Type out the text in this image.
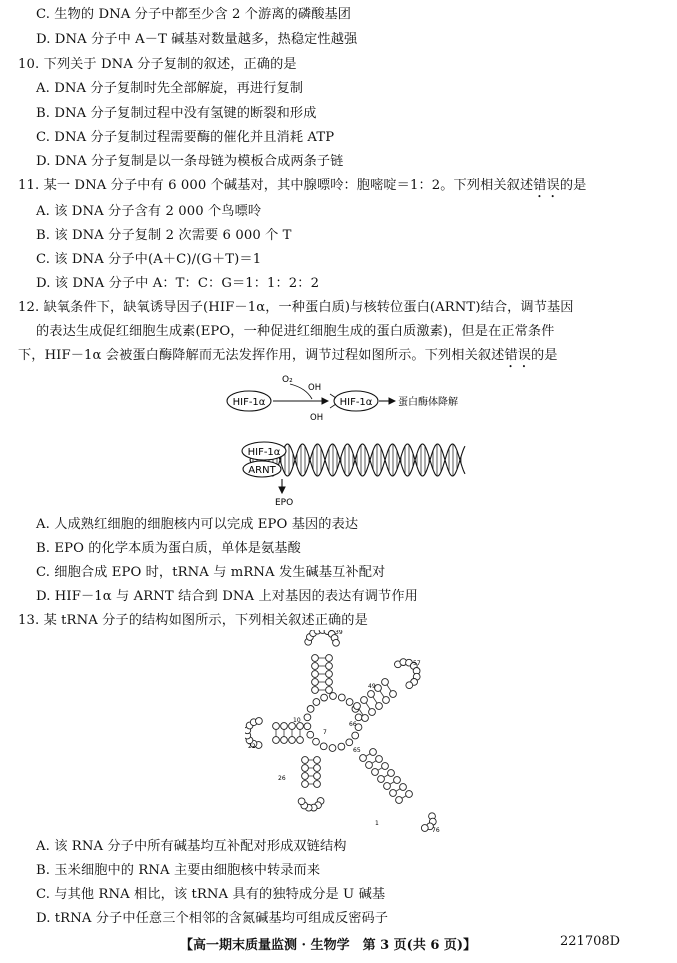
C. 生物的 DNA 分子中都至少含 2 个游离的磷酸基团
D. DNA 分子中 A－T 碱基对数量越多，热稳定性越强
10. 下列关于 DNA 分子复制的叙述，正确的是
A. DNA 分子复制时先全部解旋，再进行复制
B. DNA 分子复制过程中没有氢键的断裂和形成
C. DNA 分子复制过程需要酶的催化并且消耗 ATP
D. DNA 分子复制是以一条母链为模板合成两条子链
11. 某一 DNA 分子中有 6 000 个碱基对，其中腺嘌呤：胞嘧啶＝1：2。下列相关叙述错误的是
A. 该 DNA 分子含有 2 000 个鸟嘌呤
B. 该 DNA 分子复制 2 次需要 6 000 个 T
C. 该 DNA 分子中(A＋C)/(G＋T)＝1
D. 该 DNA 分子中 A：T：C：G＝1：1：2：2
12. 缺氧条件下，缺氧诱导因子(HIF－1α，一种蛋白质)与核转位蛋白(ARNT)结合，调节基因
的表达生成促红细胞生成素(EPO，一种促进红细胞生成的蛋白质激素)，但是在正常条件
下，HIF－1α 会被蛋白酶降解而无法发挥作用，调节过程如图所示。下列相关叙述错误的是
HIF-1α
O₂
OH
OH
HIF-1α	蛋白酶体降解
HIF-1α
ARNT
EPO
A. 人成熟红细胞的细胞核内可以完成 EPO 基因的表达
B. EPO 的化学本质为蛋白质，单体是氨基酸
C. 细胞合成 EPO 时，tRNA 与 mRNA 发生碱基互补配对
D. HIF－1α 与 ARNT 结合到 DNA 上对基因的表达有调节作用
13. 某 tRNA 分子的结构如图所示，下列相关叙述正确的是
1
76
66
65
7
10
22
26
39
49
57
A. 该 RNA 分子中所有碱基均互补配对形成双链结构
B. 玉米细胞中的 RNA 主要由细胞核中转录而来
C. 与其他 RNA 相比，该 tRNA 具有的独特成分是 U 碱基
D. tRNA 分子中任意三个相邻的含氮碱基均可组成反密码子
【高一期末质量监测 · 生物学　第 3 页(共 6 页)】	221708D
